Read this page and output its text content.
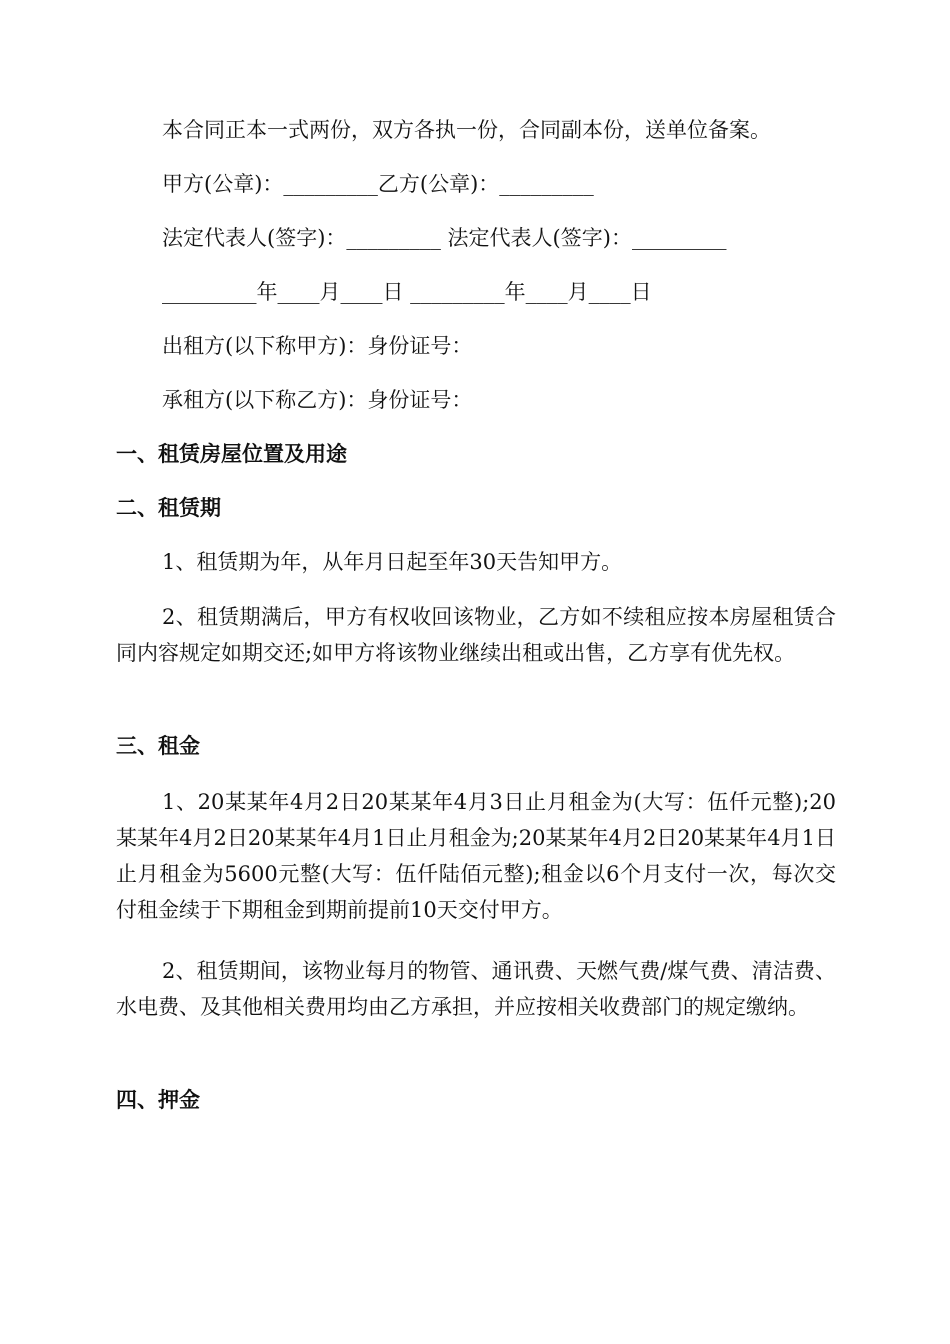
本合同正本一式两份，双方各执一份，合同副本份，送单位备案。
甲方(公章)：_________乙方(公章)：_________
法定代表人(签字)：_________ 法定代表人(签字)：_________
_________年____月____日 _________年____月____日
出租方(以下称甲方)：身份证号：
承租方(以下称乙方)：身份证号：
一、租赁房屋位置及用途
二、租赁期
1、租赁期为年，从年月日起至年30天告知甲方。
2、租赁期满后，甲方有权收回该物业，乙方如不续租应按本房屋租赁合同内容规定如期交还;如甲方将该物业继续出租或出售，乙方享有优先权。
三、租金
1、20某某年4月2日20某某年4月3日止月租金为(大写：伍仟元整);20某某年4月2日20某某年4月1日止月租金为;20某某年4月2日20某某年4月1日止月租金为5600元整(大写：伍仟陆佰元整);租金以6个月支付一次，每次交付租金续于下期租金到期前提前10天交付甲方。
2、租赁期间，该物业每月的物管、通讯费、天燃气费/煤气费、清洁费、水电费、及其他相关费用均由乙方承担，并应按相关收费部门的规定缴纳。
四、押金
